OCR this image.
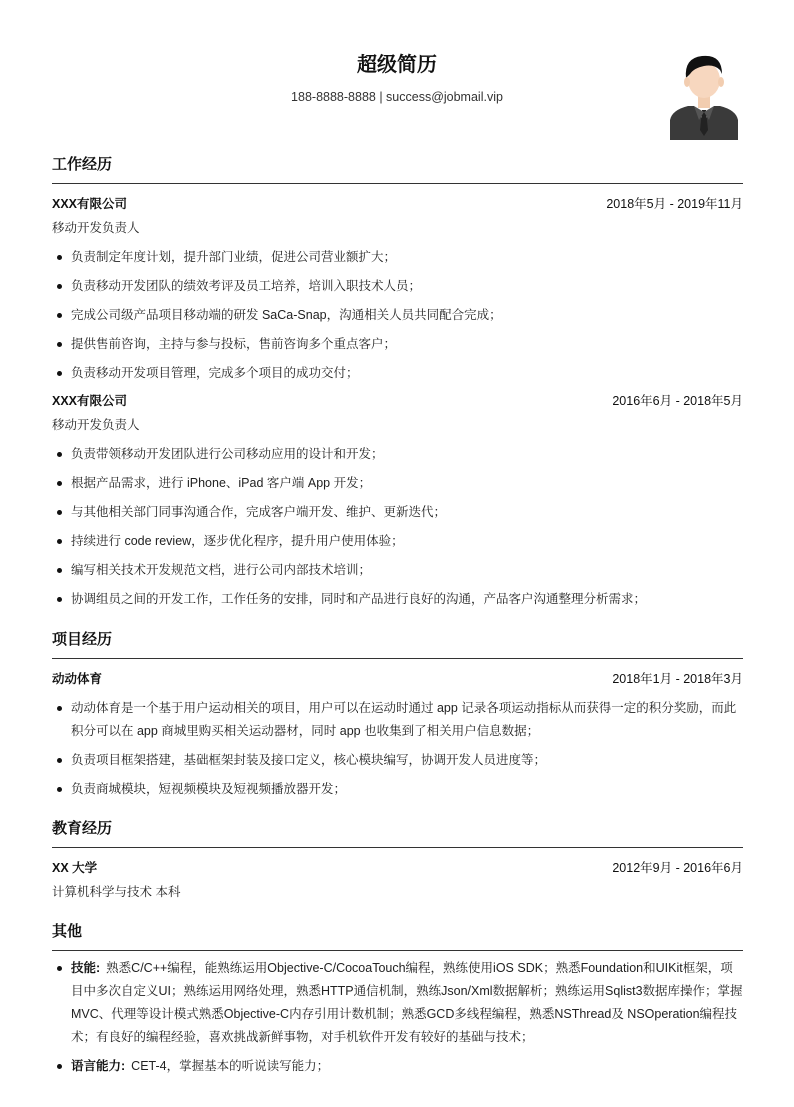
超级简历
188-8888-8888 | success@jobmail.vip
工作经历
XXX有限公司	2018年5月 - 2019年11月
移动开发负责人
负责制定年度计划，提升部门业绩，促进公司营业额扩大；
负责移动开发团队的绩效考评及员工培养，培训入职技术人员；
完成公司级产品项目移动端的研发 SaCa-Snap，沟通相关人员共同配合完成；
提供售前咨询，主持与参与投标，售前咨询多个重点客户；
负责移动开发项目管理，完成多个项目的成功交付；
XXX有限公司	2016年6月 - 2018年5月
移动开发负责人
负责带领移动开发团队进行公司移动应用的设计和开发；
根据产品需求，进行 iPhone、iPad 客户端 App 开发；
与其他相关部门同事沟通合作，完成客户端开发、维护、更新迭代；
持续进行 code review，逐步优化程序，提升用户使用体验；
编写相关技术开发规范文档，进行公司内部技术培训；
协调组员之间的开发工作，工作任务的安排，同时和产品进行良好的沟通，产品客户沟通整理分析需求；
项目经历
动动体育	2018年1月 - 2018年3月
动动体育是一个基于用户运动相关的项目，用户可以在运动时通过 app 记录各项运动指标从而获得一定的积分奖励，而此积分可以在 app 商城里购买相关运动器材，同时 app 也收集到了相关用户信息数据；
负责项目框架搭建，基础框架封装及接口定义，核心模块编写，协调开发人员进度等；
负责商城模块，短视频模块及短视频播放器开发；
教育经历
XX 大学	2012年9月 - 2016年6月
计算机科学与技术 本科
其他
技能: 熟悉C/C++编程，能熟练运用Objective-C/CocoaTouch编程，熟练使用iOS SDK；熟悉Foundation和UIKit框架，项目中多次自定义UI；熟练运用网络处理，熟悉HTTP通信机制，熟练Json/Xml数据解析；熟练运用Sqlist3数据库操作；掌握MVC、代理等设计模式熟悉Objective-C内存引用计数机制；熟悉GCD多线程编程，熟悉NSThread及 NSOperation编程技术；有良好的编程经验，喜欢挑战新鲜事物，对手机软件开发有较好的基础与技术；
语言能力: CET-4，掌握基本的听说读写能力；
